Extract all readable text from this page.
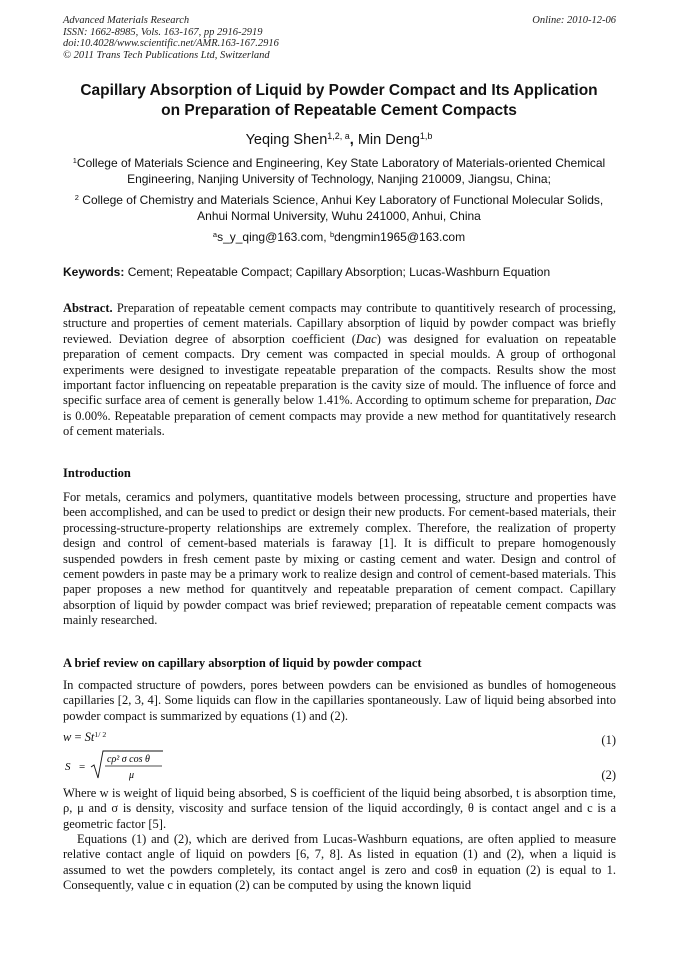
Advanced Materials Research
ISSN: 1662-8985, Vols. 163-167, pp 2916-2919
doi:10.4028/www.scientific.net/AMR.163-167.2916
© 2011 Trans Tech Publications Ltd, Switzerland
Online: 2010-12-06
Capillary Absorption of Liquid by Powder Compact and Its Application
on Preparation of Repeatable Cement Compacts
Yeqing Shen$^{1,2, a}$, Min Deng$^{1,b}$
$^1$College of Materials Science and Engineering, Key State Laboratory of Materials-oriented Chemical Engineering, Nanjing University of Technology, Nanjing 210009, Jiangsu, China;
$^2$ College of Chemistry and Materials Science, Anhui Key Laboratory of Functional Molecular Solids, Anhui Normal University, Wuhu 241000, Anhui, China
$^a$s_y_qing@163.com, $^b$dengmin1965@163.com
Keywords: Cement; Repeatable Compact; Capillary Absorption; Lucas-Washburn Equation
Abstract. Preparation of repeatable cement compacts may contribute to quantitively research of processing, structure and properties of cement materials. Capillary absorption of liquid by powder compact was briefly reviewed. Deviation degree of absorption coefficient (Dac) was designed for evaluation on repeatable preparation of cement compacts. Dry cement was compacted in special moulds. A group of orthogonal experiments were designed to investigate repeatable preparation of the compacts. Results show the most important factor influencing on repeatable preparation is the cavity size of mould. The influence of force and specific surface area of cement is generally below 1.41%. According to optimum scheme for preparation, Dac is 0.00%. Repeatable preparation of cement compacts may provide a new method for quantitatively research of cement materials.
Introduction
For metals, ceramics and polymers, quantitative models between processing, structure and properties have been accomplished, and can be used to predict or design their new products. For cement-based materials, their processing-structure-property relationships are extremely complex. Therefore, the realization of property design and control of cement-based materials is faraway [1]. It is difficult to prepare homogenously suspended powders in fresh cement paste by mixing or casting cement and water. Design and control of cement powders in paste may be a primary work to realize design and control of cement-based materials. This paper proposes a new method for quantitvely and repeatable preparation of cement compact. Capillary absorption of liquid by powder compact was brief reviewed; preparation of repeatable cement compacts was mainly researched.
A brief review on capillary absorption of liquid by powder compact
In compacted structure of powders, pores between powders can be envisioned as bundles of homogeneous capillaries [2, 3, 4]. Some liquids can flow in the capillaries spontaneously. Law of liquid being absorbed into powder compact is summarized by equations (1) and (2).
$w = St^{1/ 2}$	(1)
S =
cρ² σ cos θ
μ	(2)
Where w is weight of liquid being absorbed, S is coefficient of the liquid being absorbed, t is absorption time, ρ, μ and σ is density, viscosity and surface tension of the liquid accordingly, θ is contact angel and c is a geometric factor [5].
Equations (1) and (2), which are derived from Lucas-Washburn equations, are often applied to measure relative contact angle of liquid on powders [6, 7, 8]. As listed in equation (1) and (2), when a liquid is assumed to wet the powders completely, its contact angel is zero and cosθ in equation (2) is equal to 1. Consequently, value c in equation (2) can be computed by using the known liquid
